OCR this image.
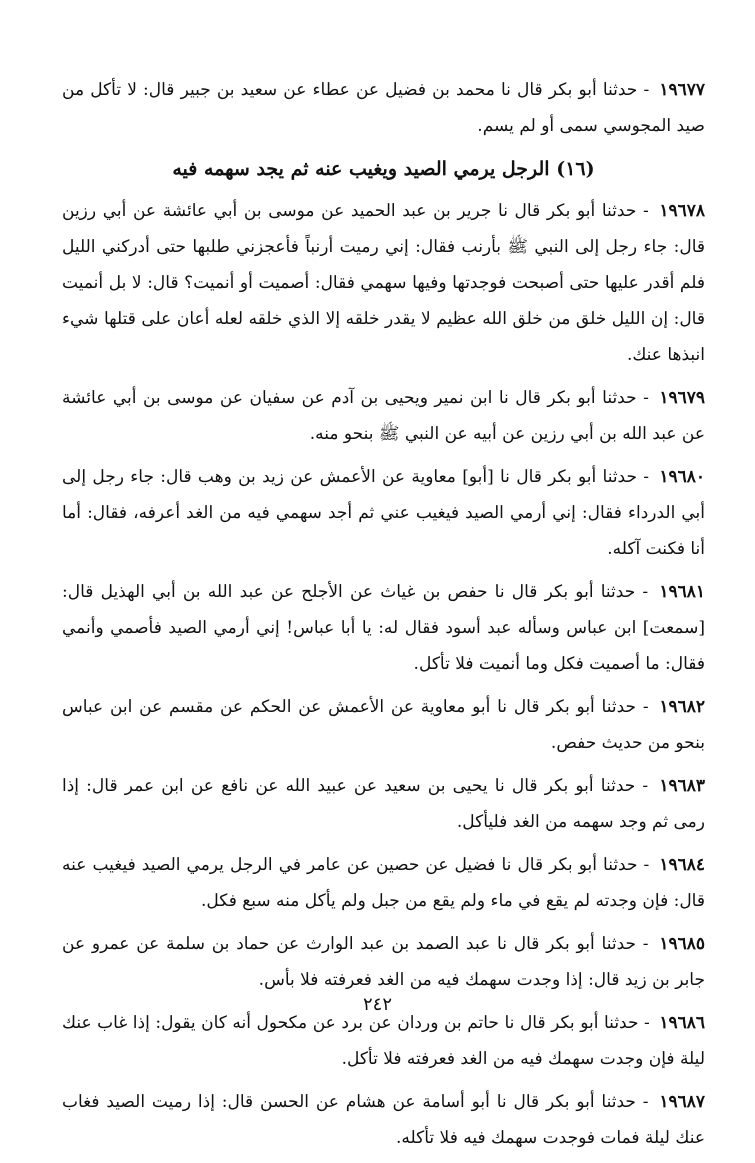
١٩٦٧٧ - حدثنا أبو بكر قال نا محمد بن فضيل عن عطاء عن سعيد بن جبير قال: لا تأكل من صيد المجوسي سمى أو لم يسم.

(١٦) الرجل يرمي الصيد ويغيب عنه ثم يجد سهمه فيه

١٩٦٧٨ - حدثنا أبو بكر قال نا جرير بن عبد الحميد عن موسى بن أبي عائشة عن أبي رزين قال: جاء رجل إلى النبي ﷺ بأرنب فقال: إني رميت أرنباً فأعجزني طلبها حتى أدركني الليل فلم أقدر عليها حتى أصبحت فوجدتها وفيها سهمي فقال: أصميت أو أنميت؟ قال: لا بل أنميت قال: إن الليل خلق من خلق الله عظيم لا يقدر خلقه إلا الذي خلقه لعله أعان على قتلها شيء انبذها عنك.

١٩٦٧٩ - حدثنا أبو بكر قال نا ابن نمير ويحيى بن آدم عن سفيان عن موسى بن أبي عائشة عن عبد الله بن أبي رزين عن أبيه عن النبي ﷺ بنحو منه.

١٩٦٨٠ - حدثنا أبو بكر قال نا [أبو] معاوية عن الأعمش عن زيد بن وهب قال: جاء رجل إلى أبي الدرداء فقال: إني أرمي الصيد فيغيب عني ثم أجد سهمي فيه من الغد أعرفه، فقال: أما أنا فكنت آكله.

١٩٦٨١ - حدثنا أبو بكر قال نا حفص بن غياث عن الأجلح عن عبد الله بن أبي الهذيل قال: [سمعت] ابن عباس وسأله عبد أسود فقال له: يا أبا عباس! إني أرمي الصيد فأصمي وأنمي فقال: ما أصميت فكل وما أنميت فلا تأكل.

١٩٦٨٢ - حدثنا أبو بكر قال نا أبو معاوية عن الأعمش عن الحكم عن مقسم عن ابن عباس بنحو من حديث حفص.

١٩٦٨٣ - حدثنا أبو بكر قال نا يحيى بن سعيد عن عبيد الله عن نافع عن ابن عمر قال: إذا رمى ثم وجد سهمه من الغد فليأكل.

١٩٦٨٤ - حدثنا أبو بكر قال نا فضيل عن حصين عن عامر في الرجل يرمي الصيد فيغيب عنه قال: فإن وجدته لم يقع في ماء ولم يقع من جبل ولم يأكل منه سبع فكل.

١٩٦٨٥ - حدثنا أبو بكر قال نا عبد الصمد بن عبد الوارث عن حماد بن سلمة عن عمرو عن جابر بن زيد قال: إذا وجدت سهمك فيه من الغد فعرفته فلا بأس.

١٩٦٨٦ - حدثنا أبو بكر قال نا حاتم بن وردان عن برد عن مكحول أنه كان يقول: إذا غاب عنك ليلة فإن وجدت سهمك فيه من الغد فعرفته فلا تأكل.

١٩٦٨٧ - حدثنا أبو بكر قال نا أبو أسامة عن هشام عن الحسن قال: إذا رميت الصيد فغاب عنك ليلة فمات فوجدت سهمك فيه فلا تأكله.

٢٤٢
